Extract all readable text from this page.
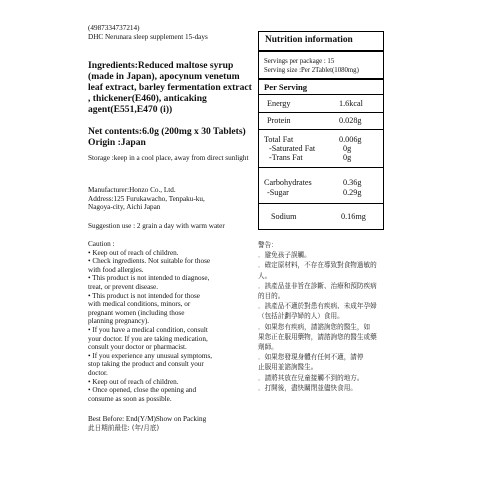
(4987334737214)
DHC Nerunara sleep supplement 15-days
Ingredients:Reduced maltose syrup (made in Japan), apocynum venetum leaf extract, barley fermentation extract , thickener(E460), anticaking agent(E551,E470 (i))
Net contents:6.0g (200mg x 30 Tablets)
Origin :Japan
Storage :keep in a cool place, away from direct sunlight
Manufacturer:Honzo Co., Ltd.
Address:125 Furukawacho, Tenpaku-ku,
Nagoya-city, Aichi Japan
Suggestion use : 2 grain a day with warm water
Caution :
• Keep out of reach of children.
• Check ingredients. Not suitable for those
with food allergies.
• This product is not intended to diagnose,
treat, or prevent disease.
• This product is not intended for those
with medical conditions, minors, or
pregnant women (including those
planning pregnancy).
• If you have a medical condition, consult
your doctor. If you are taking medication,
consult your doctor or pharmacist.
• If you experience any unusual symptoms,
stop taking the product and consult your
doctor.
• Keep out of reach of children.
• Once opened, close the opening and
consume as soon as possible.
警告：
．避免孩子誤觸。
．確定原材料，不存在導致對食物過敏的
人。
．該產品並非旨在診斷、治療和預防疾病
的目的。
．該產品不適於對患有疾病、未成年孕婦
（包括計劃孕婦的人）食用。
．如果您有疾病，請諮詢您的醫生，如
果您正在服用藥物，請諮詢您的醫生或藥
劑師。
．如果您發現身體有任何不適，請停
止服用並諮詢醫生。
．請將其放在兒童接觸不到的地方。
．打開後，盡快關閉並儘快食用。
Best Before: End(Y/M)Show on Packing
此日期前最佳: (年/月底)
Nutrition information
Servings per package : 15
Serving size :Per 2Tablet(1080mg)
Per Serving
Energy	1.6kcal
Protein	0.028g
Total Fat	0.006g
-Saturated Fat	0g
-Trans Fat	0g
Carbohydrates	0.36g
-Sugar	0.29g
Sodium	0.16mg
